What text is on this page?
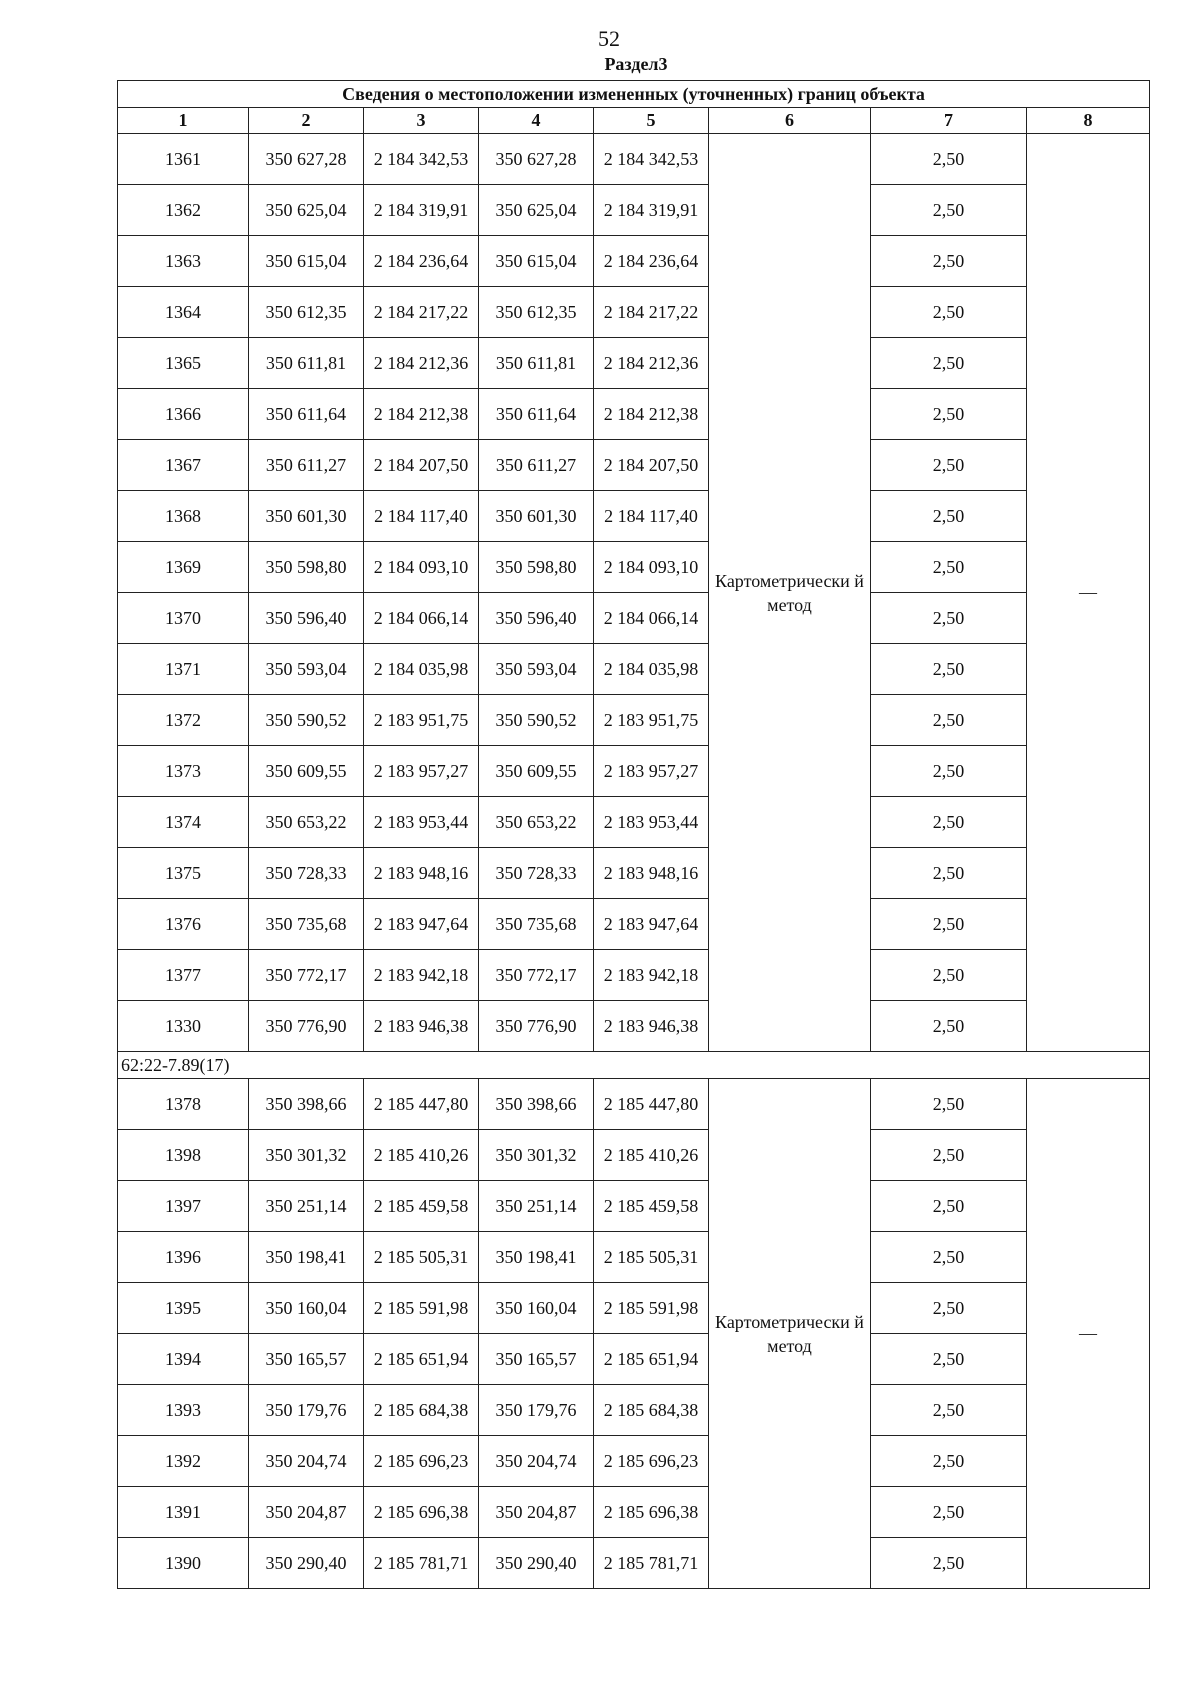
52
Раздел3
Сведения о местоположении измененных (уточненных) границ объекта							
1	2	3	4	5	6	7	8
1361	350 627,28	2 184 342,53	350 627,28	2 184 342,53	Картометрически й метод	2,50	—
1362	350 625,04	2 184 319,91	350 625,04	2 184 319,91		2,50	
1363	350 615,04	2 184 236,64	350 615,04	2 184 236,64		2,50	
1364	350 612,35	2 184 217,22	350 612,35	2 184 217,22		2,50	
1365	350 611,81	2 184 212,36	350 611,81	2 184 212,36		2,50	
1366	350 611,64	2 184 212,38	350 611,64	2 184 212,38		2,50	
1367	350 611,27	2 184 207,50	350 611,27	2 184 207,50		2,50	
1368	350 601,30	2 184 117,40	350 601,30	2 184 117,40		2,50	
1369	350 598,80	2 184 093,10	350 598,80	2 184 093,10		2,50	
1370	350 596,40	2 184 066,14	350 596,40	2 184 066,14		2,50	
1371	350 593,04	2 184 035,98	350 593,04	2 184 035,98		2,50	
1372	350 590,52	2 183 951,75	350 590,52	2 183 951,75		2,50	
1373	350 609,55	2 183 957,27	350 609,55	2 183 957,27		2,50	
1374	350 653,22	2 183 953,44	350 653,22	2 183 953,44		2,50	
1375	350 728,33	2 183 948,16	350 728,33	2 183 948,16		2,50	
1376	350 735,68	2 183 947,64	350 735,68	2 183 947,64		2,50	
1377	350 772,17	2 183 942,18	350 772,17	2 183 942,18		2,50	
1330	350 776,90	2 183 946,38	350 776,90	2 183 946,38		2,50	
62:22-7.89(17)							
1378	350 398,66	2 185 447,80	350 398,66	2 185 447,80	Картометрически й метод	2,50	—
1398	350 301,32	2 185 410,26	350 301,32	2 185 410,26		2,50	
1397	350 251,14	2 185 459,58	350 251,14	2 185 459,58		2,50	
1396	350 198,41	2 185 505,31	350 198,41	2 185 505,31		2,50	
1395	350 160,04	2 185 591,98	350 160,04	2 185 591,98		2,50	
1394	350 165,57	2 185 651,94	350 165,57	2 185 651,94		2,50	
1393	350 179,76	2 185 684,38	350 179,76	2 185 684,38		2,50	
1392	350 204,74	2 185 696,23	350 204,74	2 185 696,23		2,50	
1391	350 204,87	2 185 696,38	350 204,87	2 185 696,38		2,50	
1390	350 290,40	2 185 781,71	350 290,40	2 185 781,71		2,50	
